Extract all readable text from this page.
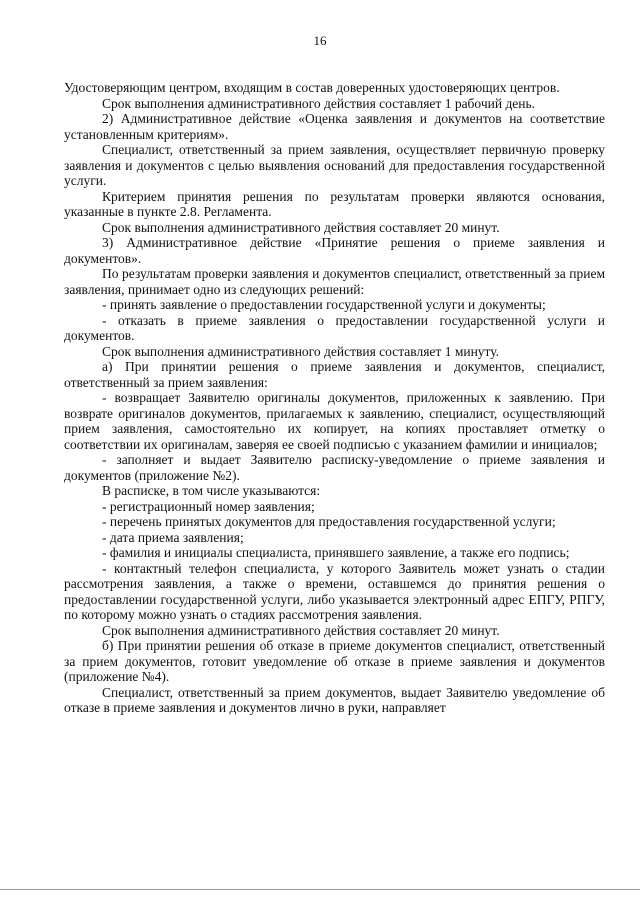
16

Удостоверяющим центром, входящим в состав доверенных удостоверяющих центров.

Срок выполнения административного действия составляет 1 рабочий день.

2) Административное действие «Оценка заявления и документов на соответствие установленным критериям».

Специалист, ответственный за прием заявления, осуществляет первичную проверку заявления и документов с целью выявления оснований для предоставления государственной услуги.

Критерием принятия решения по результатам проверки являются основания, указанные в пункте 2.8. Регламента.

Срок выполнения административного действия составляет 20 минут.

3) Административное действие «Принятие решения о приеме заявления и документов».

По результатам проверки заявления и документов специалист, ответственный за прием заявления, принимает одно из следующих решений:

- принять заявление о предоставлении государственной услуги и документы;

- отказать в приеме заявления о предоставлении государственной услуги и документов.

Срок выполнения административного действия составляет 1 минуту.

а) При принятии решения о приеме заявления и документов, специалист, ответственный за прием заявления:

- возвращает Заявителю оригиналы документов, приложенных к заявлению. При возврате оригиналов документов, прилагаемых к заявлению, специалист, осуществляющий прием заявления, самостоятельно их копирует, на копиях проставляет отметку о соответствии их оригиналам, заверяя ее своей подписью с указанием фамилии и инициалов;

- заполняет и выдает Заявителю расписку-уведомление о приеме заявления и документов (приложение №2).

В расписке, в том числе указываются:

- регистрационный номер заявления;

- перечень принятых документов для предоставления государственной услуги;

- дата приема заявления;

- фамилия и инициалы специалиста, принявшего заявление, а также его подпись;

- контактный телефон специалиста, у которого Заявитель может узнать о стадии рассмотрения заявления, а также о времени, оставшемся до принятия решения о предоставлении государственной услуги, либо указывается электронный адрес ЕПГУ, РПГУ, по которому можно узнать о стадиях рассмотрения заявления.

Срок выполнения административного действия составляет 20 минут.

б) При принятии решения об отказе в приеме документов специалист, ответственный за прием документов, готовит уведомление об отказе в приеме заявления и документов (приложение №4).

Специалист, ответственный за прием документов, выдает Заявителю уведомление об отказе в приеме заявления и документов лично в руки, направляет
